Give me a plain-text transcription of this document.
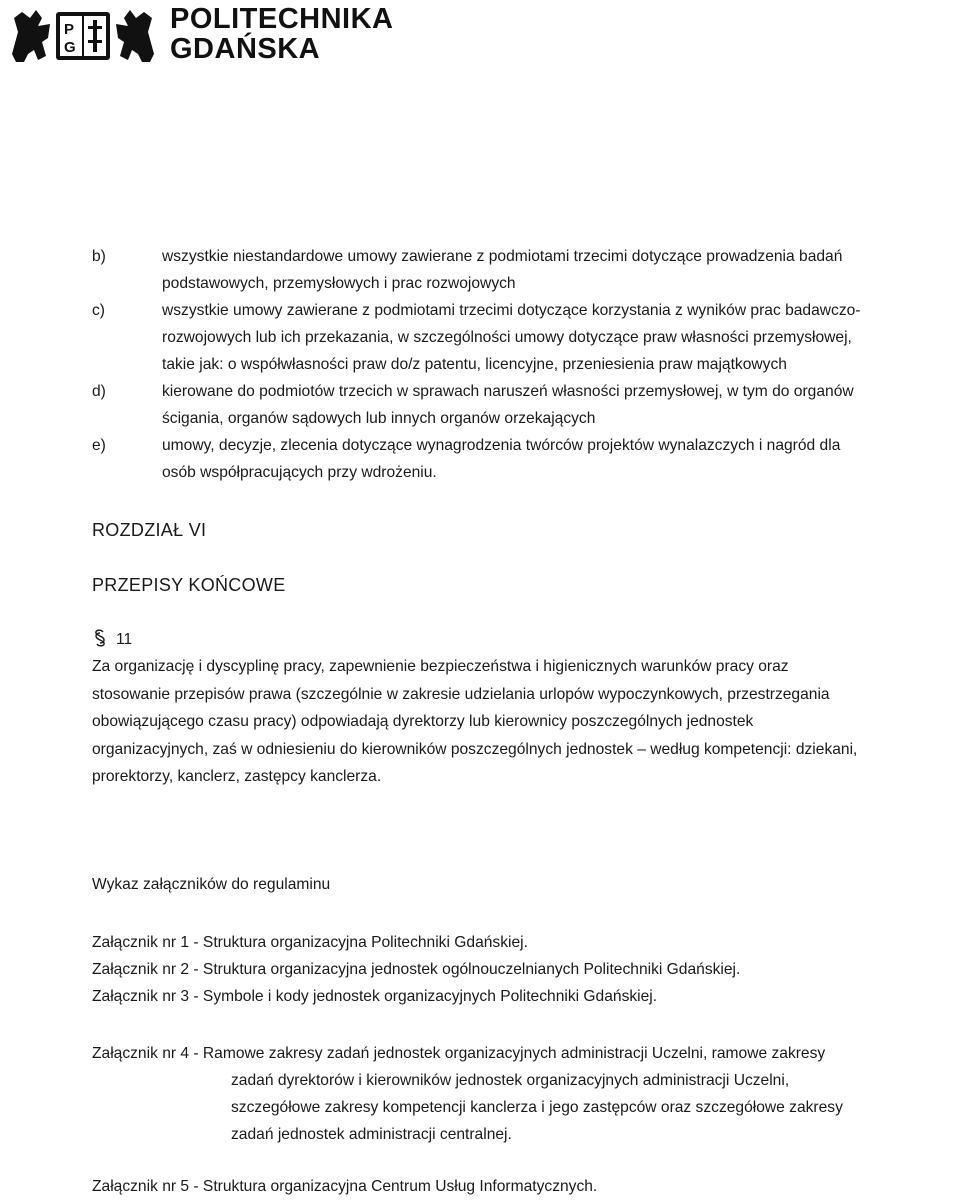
P
G
POLITECHNIKA
GDAŃSKA
b)	wszystkie niestandardowe umowy zawierane z podmiotami trzecimi dotyczące prowadzenia badań
podstawowych, przemysłowych i prac rozwojowych
c)	wszystkie umowy zawierane z podmiotami trzecimi dotyczące korzystania z wyników prac badawczo-
rozwojowych lub ich przekazania, w szczególności umowy dotyczące praw własności przemysłowej,
takie jak: o współwłasności praw do/z patentu, licencyjne, przeniesienia praw majątkowych
d)	kierowane do podmiotów trzecich w sprawach naruszeń własności przemysłowej, w tym do organów
ścigania, organów sądowych lub innych organów orzekających
e)	umowy, decyzje, zlecenia dotyczące wynagrodzenia twórców projektów wynalazczych i nagród dla
osób współpracujących przy wdrożeniu.
ROZDZIAŁ VI
PRZEPISY KOŃCOWE
11
Za organizację i dyscyplinę pracy, zapewnienie bezpieczeństwa i higienicznych warunków pracy oraz
stosowanie przepisów prawa (szczególnie w zakresie udzielania urlopów wypoczynkowych, przestrzegania
obowiązującego czasu pracy) odpowiadają dyrektorzy lub kierownicy poszczególnych jednostek
organizacyjnych, zaś w odniesieniu do kierowników poszczególnych jednostek – według kompetencji: dziekani,
prorektorzy, kanclerz, zastępcy kanclerza.
Wykaz załączników do regulaminu
Załącznik nr 1 - Struktura organizacyjna Politechniki Gdańskiej.
Załącznik nr 2 - Struktura organizacyjna jednostek ogólnouczelnianych Politechniki Gdańskiej.
Załącznik nr 3 - Symbole i kody jednostek organizacyjnych Politechniki Gdańskiej.
Załącznik nr 4 - Ramowe zakresy zadań jednostek organizacyjnych administracji Uczelni, ramowe zakresy
zadań dyrektorów i kierowników jednostek organizacyjnych administracji Uczelni,
szczegółowe zakresy kompetencji kanclerza i jego zastępców oraz szczegółowe zakresy
zadań jednostek administracji centralnej.
Załącznik nr 5 - Struktura organizacyjna Centrum Usług Informatycznych.
